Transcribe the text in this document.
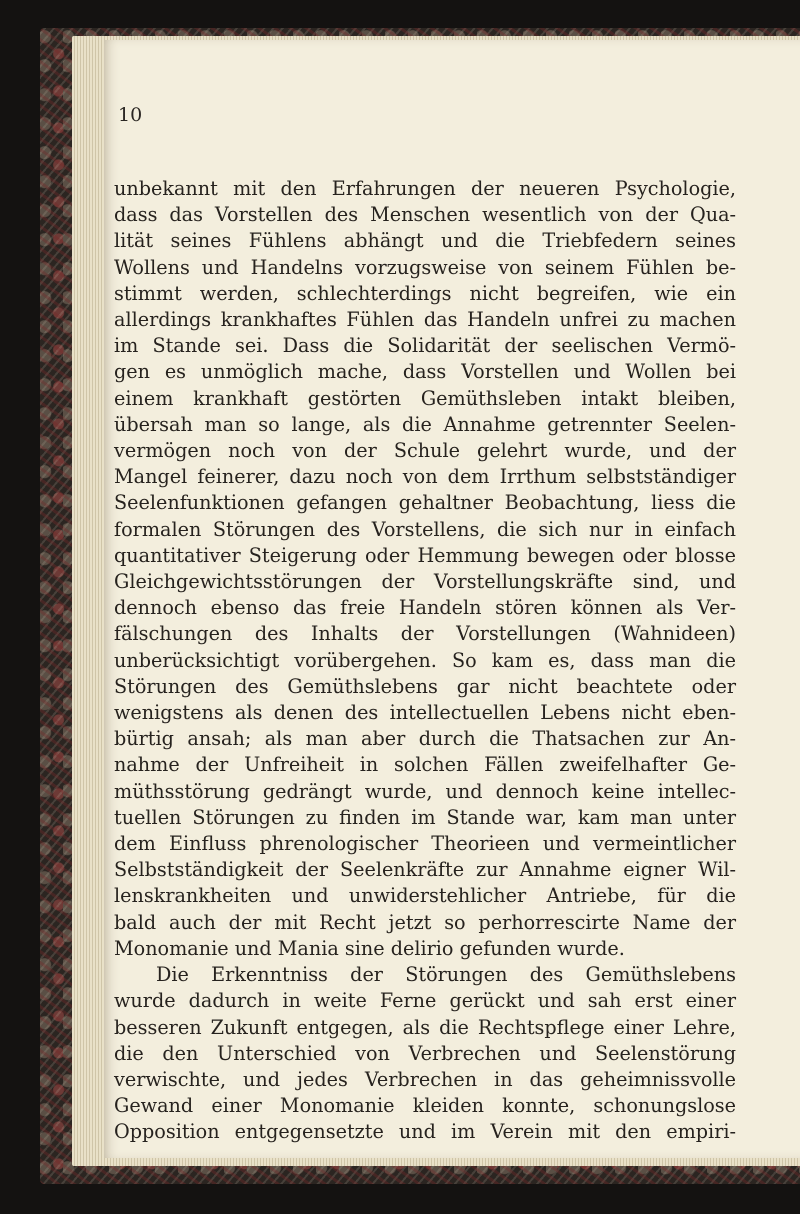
10

unbekannt mit den Erfahrungen der neueren Psychologie,
dass das Vorstellen des Menschen wesentlich von der Qua-
lität seines Fühlens abhängt und die Triebfedern seines
Wollens und Handelns vorzugsweise von seinem Fühlen be-
stimmt werden, schlechterdings nicht begreifen, wie ein
allerdings krankhaftes Fühlen das Handeln unfrei zu machen
im Stande sei. Dass die Solidarität der seelischen Vermö-
gen es unmöglich mache, dass Vorstellen und Wollen bei
einem krankhaft gestörten Gemüthsleben intakt bleiben,
übersah man so lange, als die Annahme getrennter Seelen-
vermögen noch von der Schule gelehrt wurde, und der
Mangel feinerer, dazu noch von dem Irrthum selbstständiger
Seelenfunktionen gefangen gehaltner Beobachtung, liess die
formalen Störungen des Vorstellens, die sich nur in einfach
quantitativer Steigerung oder Hemmung bewegen oder blosse
Gleichgewichtsstörungen der Vorstellungskräfte sind, und
dennoch ebenso das freie Handeln stören können als Ver-
fälschungen des Inhalts der Vorstellungen (Wahnideen)
unberücksichtigt vorübergehen. So kam es, dass man die
Störungen des Gemüthslebens gar nicht beachtete oder
wenigstens als denen des intellectuellen Lebens nicht eben-
bürtig ansah; als man aber durch die Thatsachen zur An-
nahme der Unfreiheit in solchen Fällen zweifelhafter Ge-
müthsstörung gedrängt wurde, und dennoch keine intellec-
tuellen Störungen zu finden im Stande war, kam man unter
dem Einfluss phrenologischer Theorieen und vermeintlicher
Selbstständigkeit der Seelenkräfte zur Annahme eigner Wil-
lenskrankheiten und unwiderstehlicher Antriebe, für die
bald auch der mit Recht jetzt so perhorrescirte Name der
Monomanie und Mania sine delirio gefunden wurde.
Die Erkenntniss der Störungen des Gemüthslebens
wurde dadurch in weite Ferne gerückt und sah erst einer
besseren Zukunft entgegen, als die Rechtspflege einer Lehre,
die den Unterschied von Verbrechen und Seelenstörung
verwischte, und jedes Verbrechen in das geheimnissvolle
Gewand einer Monomanie kleiden konnte, schonungslose
Opposition entgegensetzte und im Verein mit den empiri-
